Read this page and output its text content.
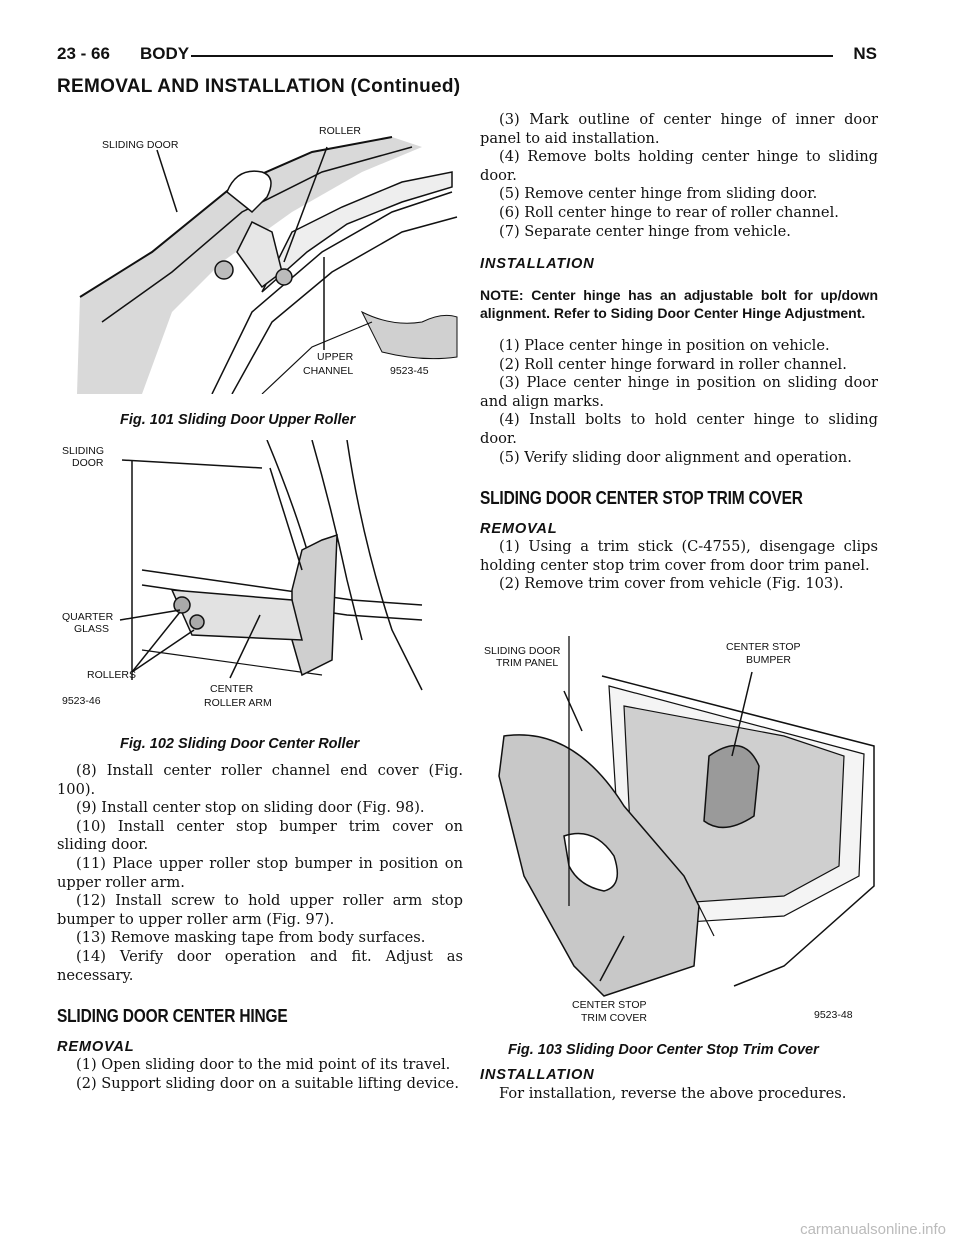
23 - 66 BODY	NS
REMOVAL AND INSTALLATION (Continued)
SLIDING DOOR
ROLLER
UPPER
CHANNEL	9523-45
Fig. 101 Sliding Door Upper Roller
SLIDING
DOOR
QUARTER
GLASS
ROLLERS
9523-46
CENTER
ROLLER ARM
Fig. 102 Sliding Door Center Roller

(8) Install center roller channel end cover (Fig. 100).

(9) Install center stop on sliding door (Fig. 98).

(10) Install center stop bumper trim cover on sliding door.

(11) Place upper roller stop bumper in position on upper roller arm.

(12) Install screw to hold upper roller arm stop bumper to upper roller arm (Fig. 97).

(13) Remove masking tape from body surfaces.

(14) Verify door operation and fit. Adjust as necessary.

SLIDING DOOR CENTER HINGE
REMOVAL

(1) Open sliding door to the mid point of its travel.

(2) Support sliding door on a suitable lifting device.

(3) Mark outline of center hinge of inner door panel to aid installation.

(4) Remove bolts holding center hinge to sliding door.

(5) Remove center hinge from sliding door.

(6) Roll center hinge to rear of roller channel.

(7) Separate center hinge from vehicle.

INSTALLATION

NOTE: Center hinge has an adjustable bolt for up/down alignment. Refer to Siding Door Center Hinge Adjustment.

(1) Place center hinge in position on vehicle.

(2) Roll center hinge forward in roller channel.

(3) Place center hinge in position on sliding door and align marks.

(4) Install bolts to hold center hinge to sliding door.

(5) Verify sliding door alignment and operation.

SLIDING DOOR CENTER STOP TRIM COVER
REMOVAL

(1) Using a trim stick (C-4755), disengage clips holding center stop trim cover from door trim panel.

(2) Remove trim cover from vehicle (Fig. 103).

SLIDING DOOR
TRIM PANEL
CENTER STOP
BUMPER
CENTER STOP
TRIM COVER	9523-48
Fig. 103 Sliding Door Center Stop Trim Cover
INSTALLATION

For installation, reverse the above procedures.

carmanualsonline.info
